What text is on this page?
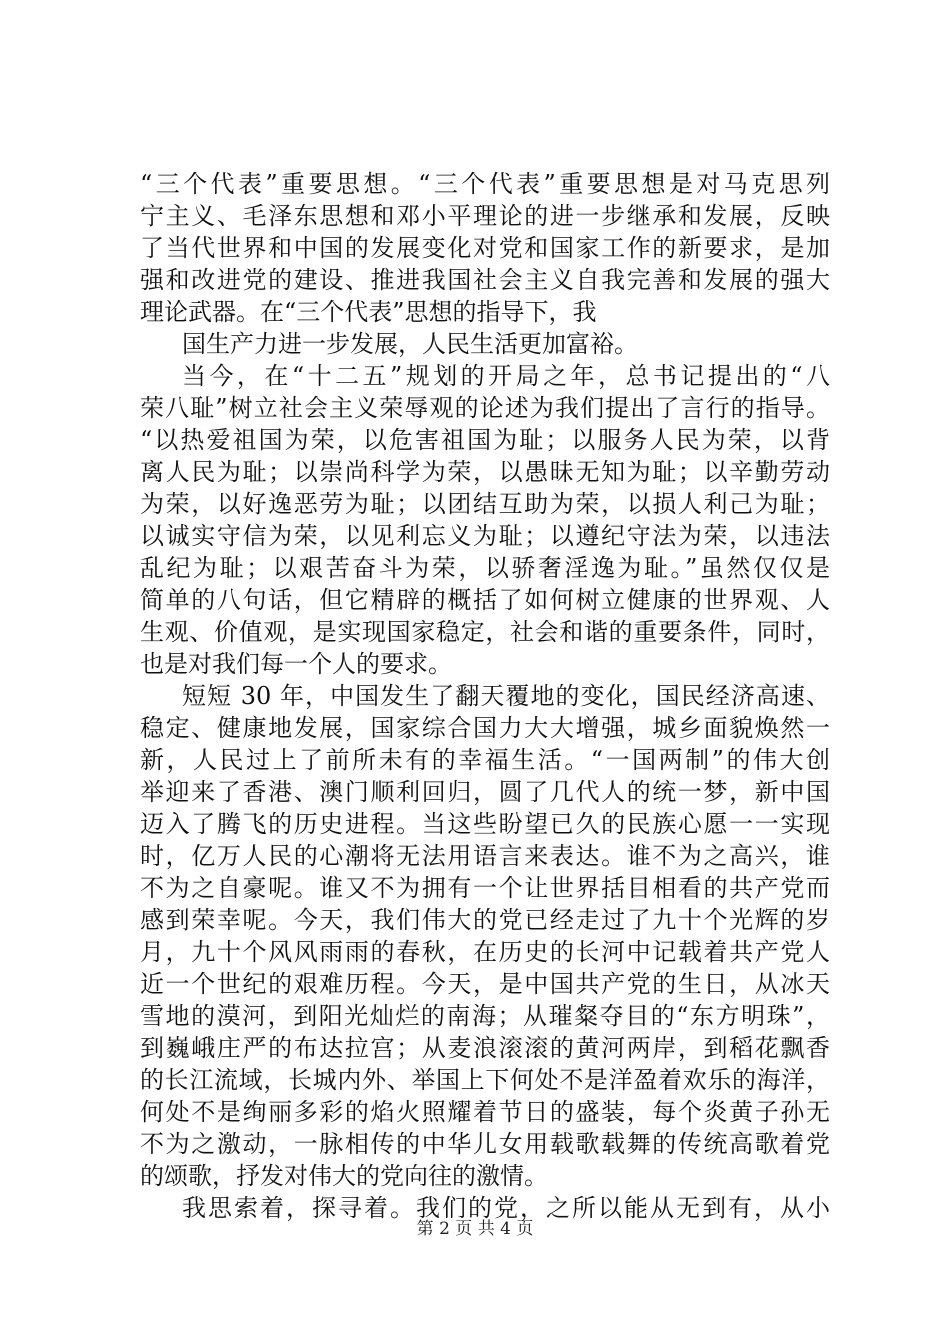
“三个代表”重要思想。“三个代表”重要思想是对马克思列
宁主义、毛泽东思想和邓小平理论的进一步继承和发展，反映
了当代世界和中国的发展变化对党和国家工作的新要求，是加
强和改进党的建设、推进我国社会主义自我完善和发展的强大
理论武器。在“三个代表”思想的指导下，我
国生产力进一步发展，人民生活更加富裕。
当今，在“十二五”规划的开局之年，总书记提出的“八
荣八耻”树立社会主义荣辱观的论述为我们提出了言行的指导。
“以热爱祖国为荣，以危害祖国为耻；以服务人民为荣，以背
离人民为耻；以崇尚科学为荣，以愚昧无知为耻；以辛勤劳动
为荣，以好逸恶劳为耻；以团结互助为荣，以损人利己为耻；
以诚实守信为荣，以见利忘义为耻；以遵纪守法为荣，以违法
乱纪为耻；以艰苦奋斗为荣，以骄奢淫逸为耻。”虽然仅仅是
简单的八句话，但它精辟的概括了如何树立健康的世界观、人
生观、价值观，是实现国家稳定，社会和谐的重要条件，同时，
也是对我们每一个人的要求。
短短 30 年，中国发生了翻天覆地的变化，国民经济高速、
稳定、健康地发展，国家综合国力大大增强，城乡面貌焕然一
新，人民过上了前所未有的幸福生活。“一国两制”的伟大创
举迎来了香港、澳门顺利回归，圆了几代人的统一梦，新中国
迈入了腾飞的历史进程。当这些盼望已久的民族心愿一一实现
时，亿万人民的心潮将无法用语言来表达。谁不为之高兴，谁
不为之自豪呢。谁又不为拥有一个让世界括目相看的共产党而
感到荣幸呢。今天，我们伟大的党已经走过了九十个光辉的岁
月，九十个风风雨雨的春秋，在历史的长河中记载着共产党人
近一个世纪的艰难历程。今天，是中国共产党的生日，从冰天
雪地的漠河，到阳光灿烂的南海；从璀粲夺目的“东方明珠”，
到巍峨庄严的布达拉宫；从麦浪滚滚的黄河两岸，到稻花飘香
的长江流域，长城内外、举国上下何处不是洋盈着欢乐的海洋，
何处不是绚丽多彩的焰火照耀着节日的盛装，每个炎黄子孙无
不为之激动，一脉相传的中华儿女用载歌载舞的传统高歌着党
的颂歌，抒发对伟大的党向往的激情。
我思索着，探寻着。我们的党，之所以能从无到有，从小
第 2 页 共 4 页
